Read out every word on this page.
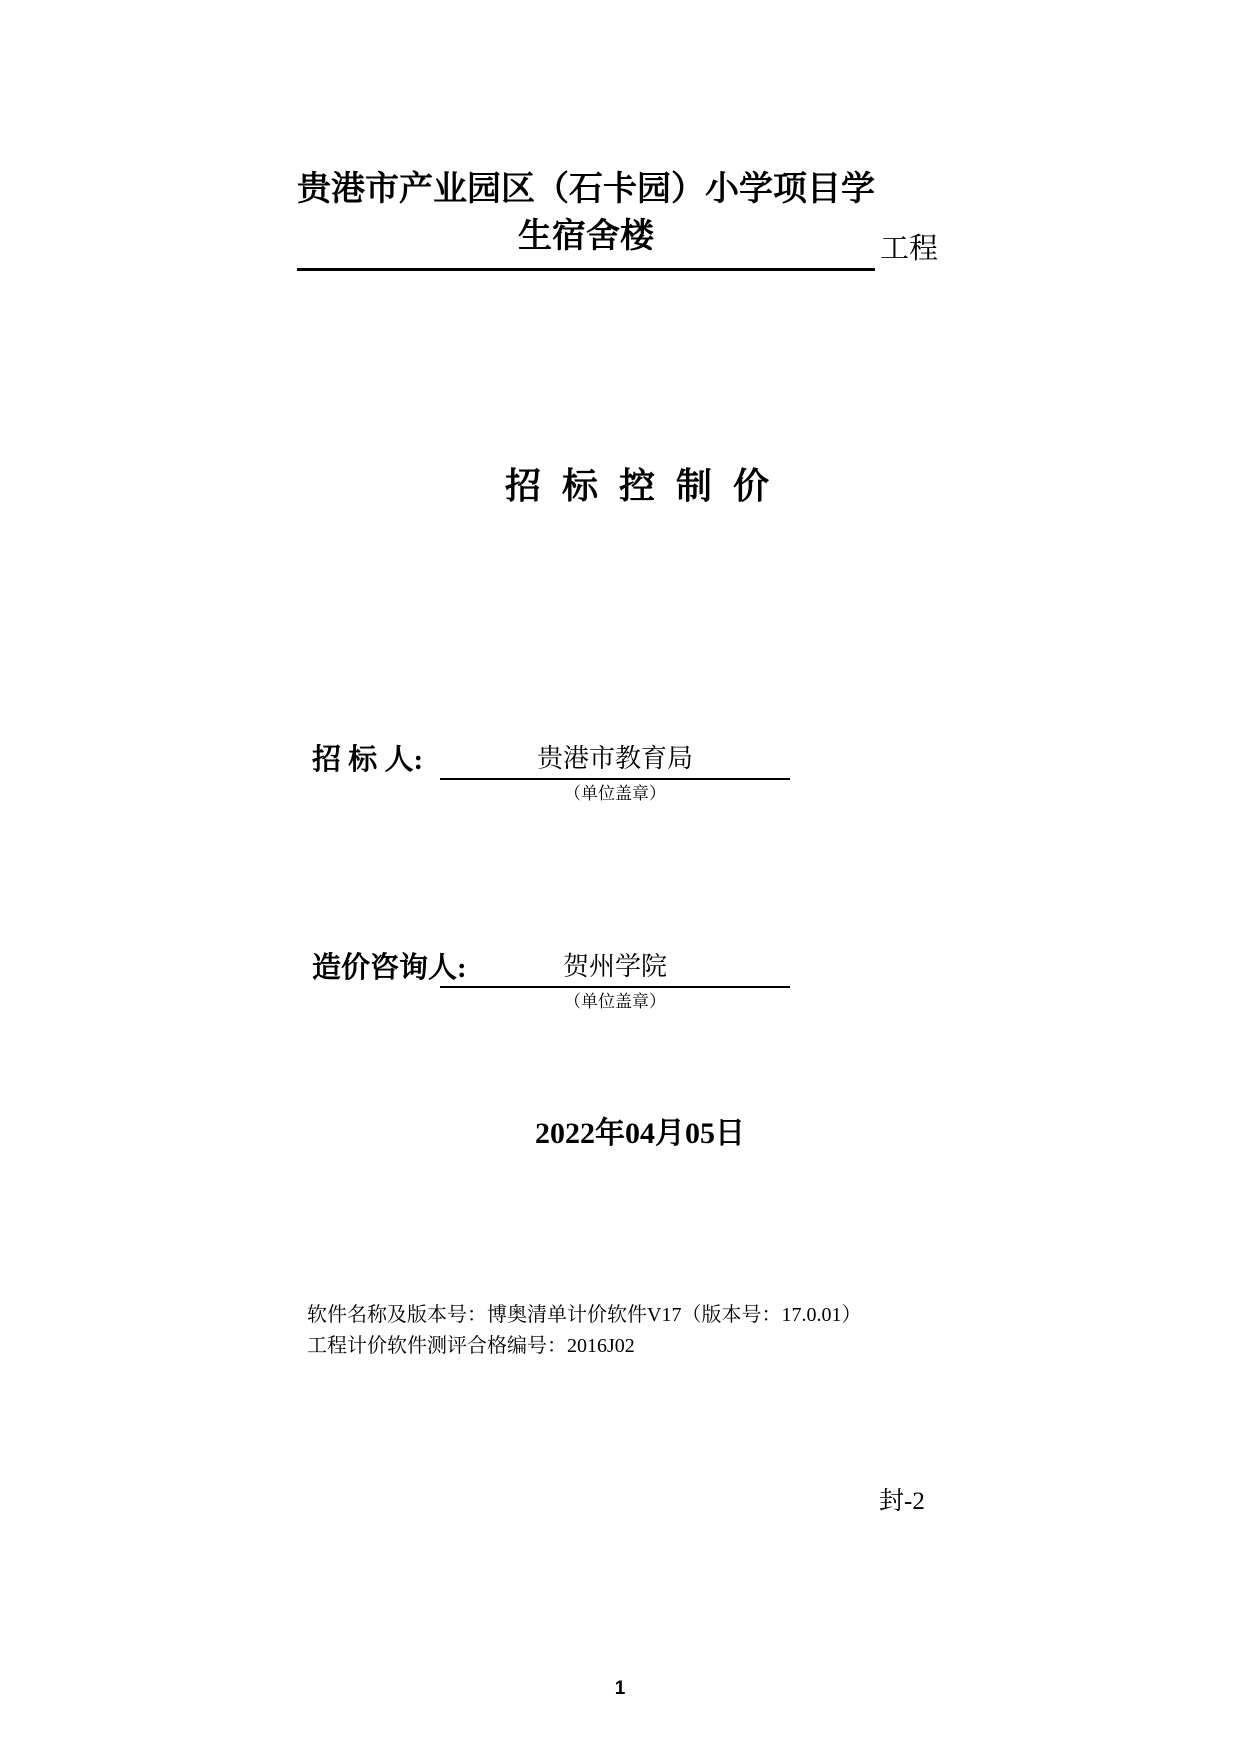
贵港市产业园区（石卡园）小学项目学
生宿舍楼	工程
招 标 控 制 价
招 标 人:	贵港市教育局
（单位盖章）
造价咨询人:	贺州学院
（单位盖章）
2022年04月05日
软件名称及版本号：博奥清单计价软件V17（版本号：17.0.01）
工程计价软件测评合格编号：2016J02
封-2
1
